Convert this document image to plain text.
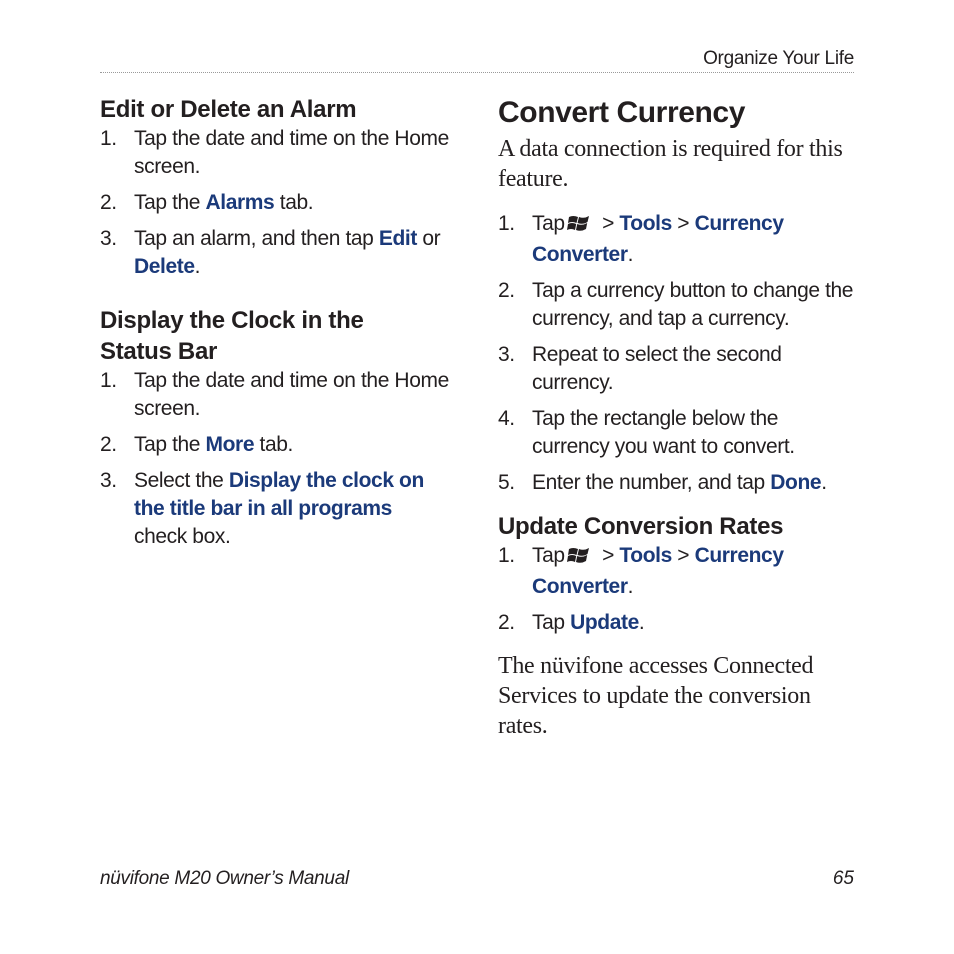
Organize Your Life
Edit or Delete an Alarm
1. Tap the date and time on the Home screen.
2. Tap the Alarms tab.
3. Tap an alarm, and then tap Edit or Delete.
Display the Clock in the Status Bar
1. Tap the date and time on the Home screen.
2. Tap the More tab.
3. Select the Display the clock on the title bar in all programs check box.
Convert Currency

A data connection is required for this feature.

1. Tap > Tools > Currency Converter.
2. Tap a currency button to change the currency, and tap a currency.
3. Repeat to select the second currency.
4. Tap the rectangle below the currency you want to convert.
5. Enter the number, and tap Done.
Update Conversion Rates
1. Tap > Tools > Currency Converter.
2. Tap Update.

The nüvifone accesses Connected Services to update the conversion rates.

nüvifone M20 Owner’s Manual	65
